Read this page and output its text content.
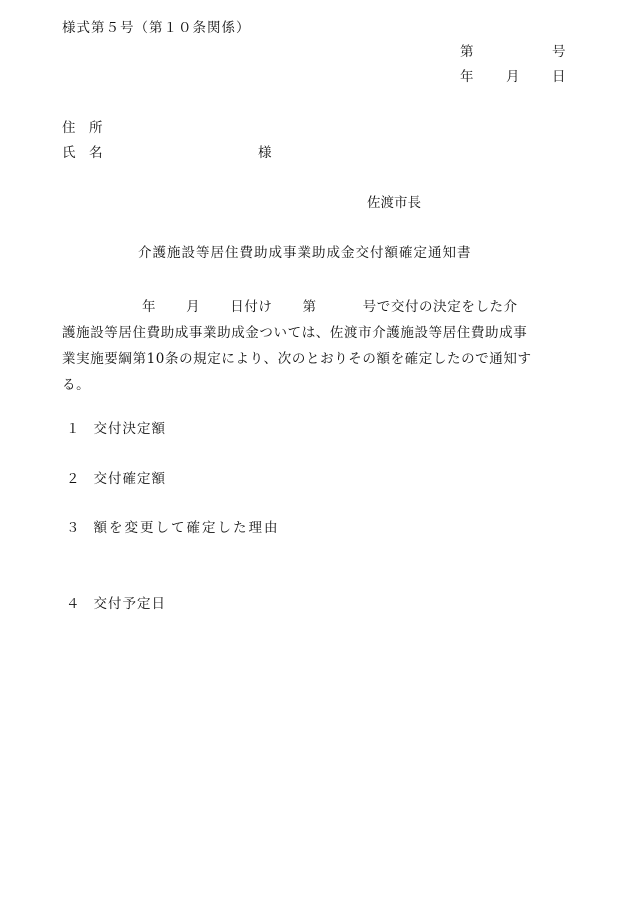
様式第５号（第１０条関係）
第	号
年 月 日
住　所
氏　名	様
佐渡市長
介護施設等居住費助成事業助成金交付額確定通知書
年 月 日付け 第	号で交付の決定をした介
護施設等居住費助成事業助成金ついては、佐渡市介護施設等居住費助成事
業実施要綱第10条の規定により、次のとおりその額を確定したので通知す
る。
１ 交付決定額
２ 交付確定額
３ 額を変更して確定した理由
４ 交付予定日
